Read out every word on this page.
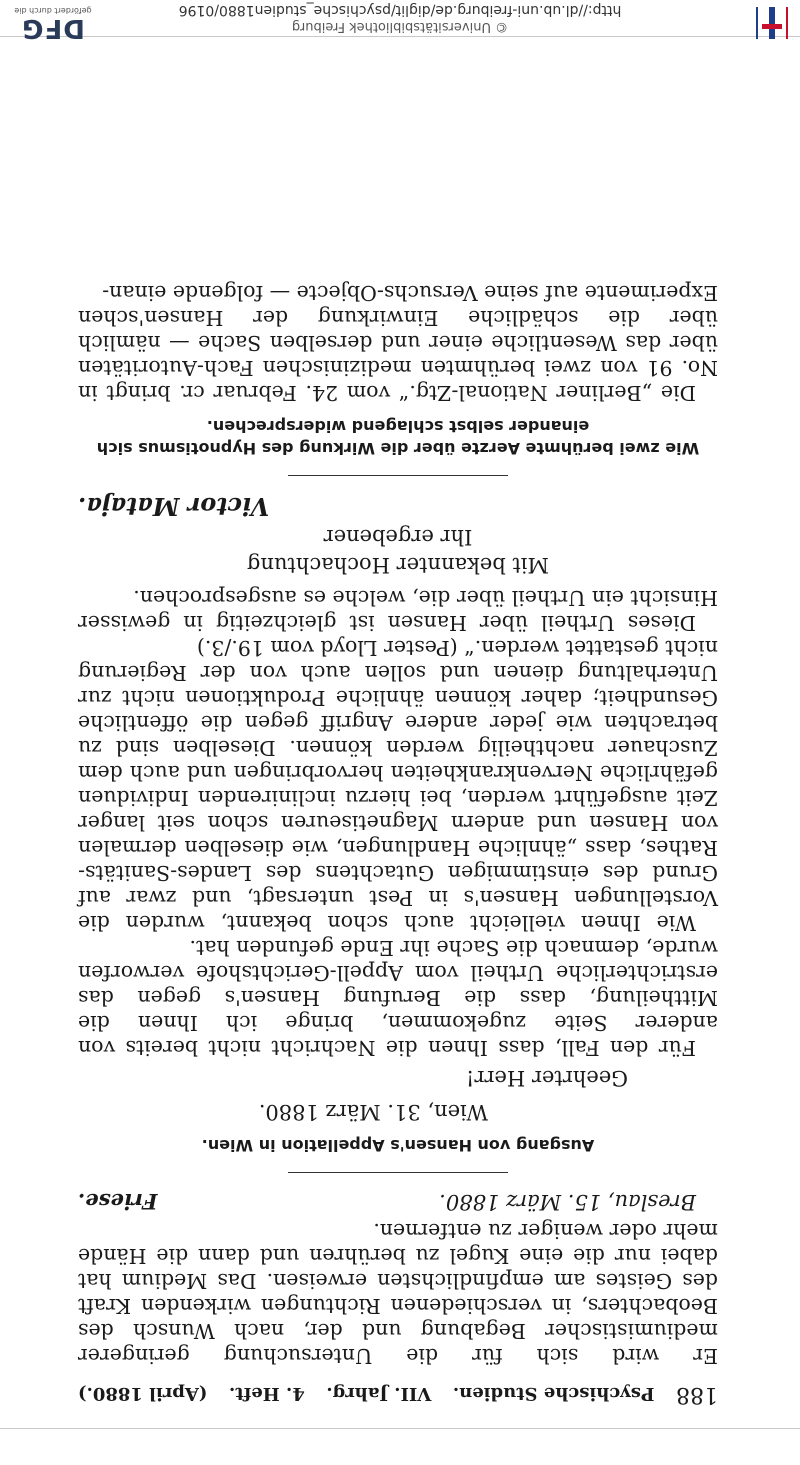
188
Psychische Studien.
VII. Jahrg.
4. Heft.
(April 1880.)

Er wird sich für die Untersuchung geringerer mediumistischer Begabung und der, nach Wunsch des Beobachters, in verschiedenen Richtungen wirkenden Kraft des Geistes am empfindlichsten erweisen. Das Medium hat dabei nur die eine Kugel zu berühren und dann die Hände mehr oder weniger zu entfernen.

Breslau, 15. März 1880.
Friese.
Ausgang von Hansen's Appellation in Wien.
Wien, 31. März 1880.
Geehrter Herr!

Für den Fall, dass Ihnen die Nachricht nicht bereits von anderer Seite zugekommen, bringe ich Ihnen die Mittheilung, dass die Berufung Hansen's gegen das erstrichterliche Urtheil vom Appell-Gerichtshofe verworfen wurde, demnach die Sache ihr Ende gefunden hat.

Wie Ihnen vielleicht auch schon bekannt, wurden die Vorstellungen Hansen's in Pest untersagt, und zwar auf Grund des einstimmigen Gutachtens des Landes-Sanitäts-Rathes, dass „ähnliche Handlungen, wie dieselben dermalen von Hansen und andern Magnetiseuren schon seit langer Zeit ausgeführt werden, bei hierzu inclinirenden Individuen gefährliche Nervenkrankheiten hervorbringen und auch dem Zuschauer nachtheilig werden können. Dieselben sind zu betrachten wie jeder andere Angriff gegen die öffentliche Gesundheit; daher können ähnliche Produktionen nicht zur Unterhaltung dienen und sollen auch von der Regierung nicht gestattet werden.“ (Pester Lloyd vom 19./3.)

Dieses Urtheil über Hansen ist gleichzeitig in gewisser Hinsicht ein Urtheil über die, welche es ausgesprochen.

Mit bekannter Hochachtung
Ihr ergebener
Victor Mataja.
Wie zwei berühmte Aerzte über die Wirkung des Hypnotismus sich einander selbst schlagend widersprechen.

Die „Berliner National-Ztg.“ vom 24. Februar cr. bringt in No. 91 von zwei berühmten medizinischen Fach-Autoritäten über das Wesentliche einer und derselben Sache — nämlich über die schädliche Einwirkung der Hansen'schen Experimente auf seine Versuchs-Objecte — folgende einan-

© Universitätsbibliothek Freiburg
http://dl.ub.uni-freiburg.de/diglit/psychische_studien1880/0196
DFG
gefördert durch die
